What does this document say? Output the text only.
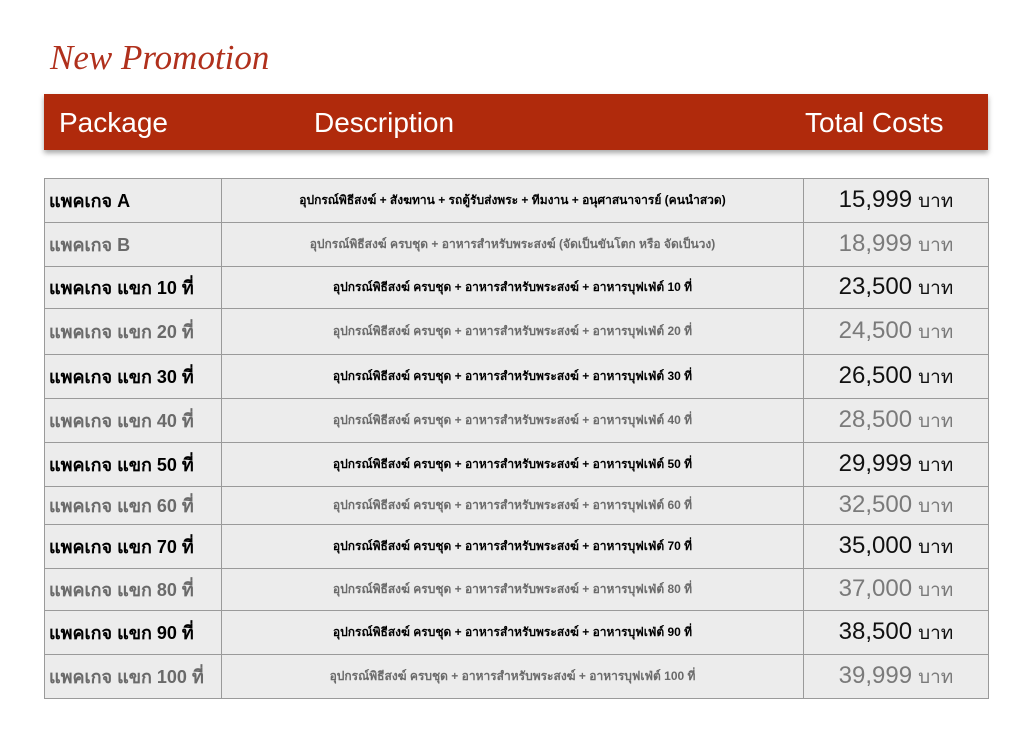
New Promotion
Package	Description	Total Costs
แพคเกจ A	อุปกรณ์พิธีสงฆ์ + สังฆทาน + รถตู้รับส่งพระ + ทีมงาน + อนุศาสนาจารย์ (คนนำสวด)	15,999 บาท
แพคเกจ B	อุปกรณ์พิธีสงฆ์ ครบชุด + อาหารสำหรับพระสงฆ์ (จัดเป็นขันโตก หรือ จัดเป็นวง)	18,999 บาท
แพคเกจ แขก 10 ที่	อุปกรณ์พิธีสงฆ์ ครบชุด + อาหารสำหรับพระสงฆ์ + อาหารบุฟเฟ่ต์ 10 ที่	23,500 บาท
แพคเกจ แขก 20 ที่	อุปกรณ์พิธีสงฆ์ ครบชุด + อาหารสำหรับพระสงฆ์ + อาหารบุฟเฟ่ต์ 20 ที่	24,500 บาท
แพคเกจ แขก 30 ที่	อุปกรณ์พิธีสงฆ์ ครบชุด + อาหารสำหรับพระสงฆ์ + อาหารบุฟเฟ่ต์ 30 ที่	26,500 บาท
แพคเกจ แขก 40 ที่	อุปกรณ์พิธีสงฆ์ ครบชุด + อาหารสำหรับพระสงฆ์ + อาหารบุฟเฟ่ต์ 40 ที่	28,500 บาท
แพคเกจ แขก 50 ที่	อุปกรณ์พิธีสงฆ์ ครบชุด + อาหารสำหรับพระสงฆ์ + อาหารบุฟเฟ่ต์ 50 ที่	29,999 บาท
แพคเกจ แขก 60 ที่	อุปกรณ์พิธีสงฆ์ ครบชุด + อาหารสำหรับพระสงฆ์ + อาหารบุฟเฟ่ต์ 60 ที่	32,500 บาท
แพคเกจ แขก 70 ที่	อุปกรณ์พิธีสงฆ์ ครบชุด + อาหารสำหรับพระสงฆ์ + อาหารบุฟเฟ่ต์ 70 ที่	35,000 บาท
แพคเกจ แขก 80 ที่	อุปกรณ์พิธีสงฆ์ ครบชุด + อาหารสำหรับพระสงฆ์ + อาหารบุฟเฟ่ต์ 80 ที่	37,000 บาท
แพคเกจ แขก 90 ที่	อุปกรณ์พิธีสงฆ์ ครบชุด + อาหารสำหรับพระสงฆ์ + อาหารบุฟเฟ่ต์ 90 ที่	38,500 บาท
แพคเกจ แขก 100 ที่	อุปกรณ์พิธีสงฆ์ ครบชุด + อาหารสำหรับพระสงฆ์ + อาหารบุฟเฟ่ต์ 100 ที่	39,999 บาท
